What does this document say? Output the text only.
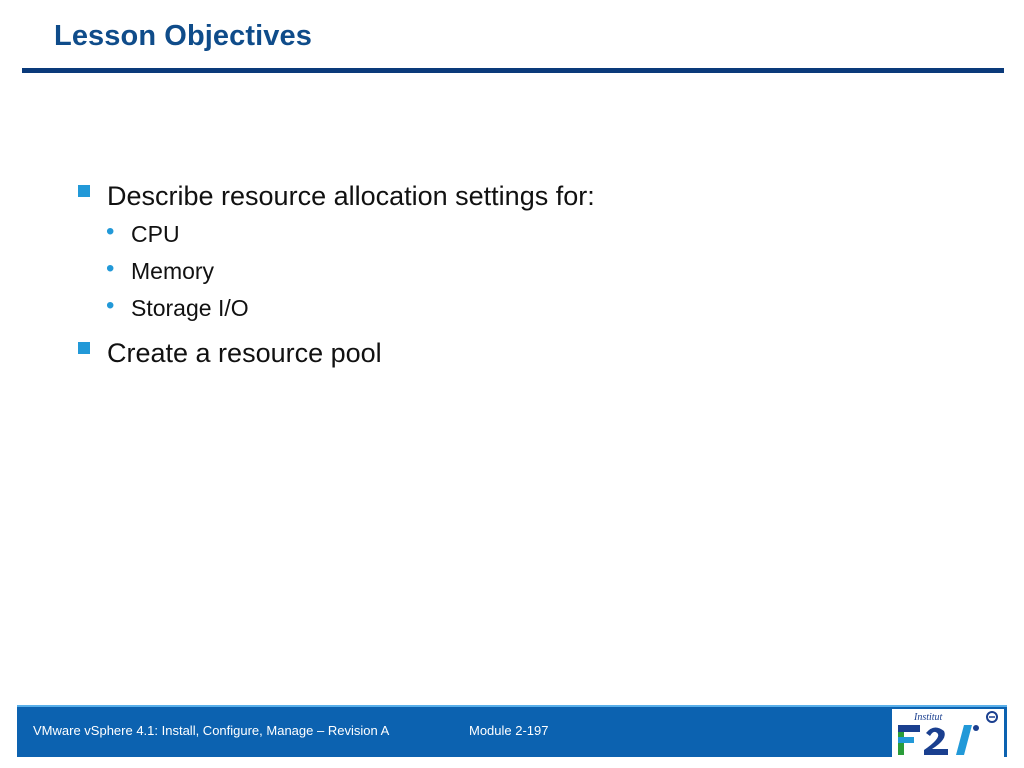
Lesson Objectives
Describe resource allocation settings for:
• CPU
• Memory
• Storage I/O
Create a resource pool
VMware vSphere 4.1: Install, Configure, Manage – Revision A	Module 2-197
Institut
